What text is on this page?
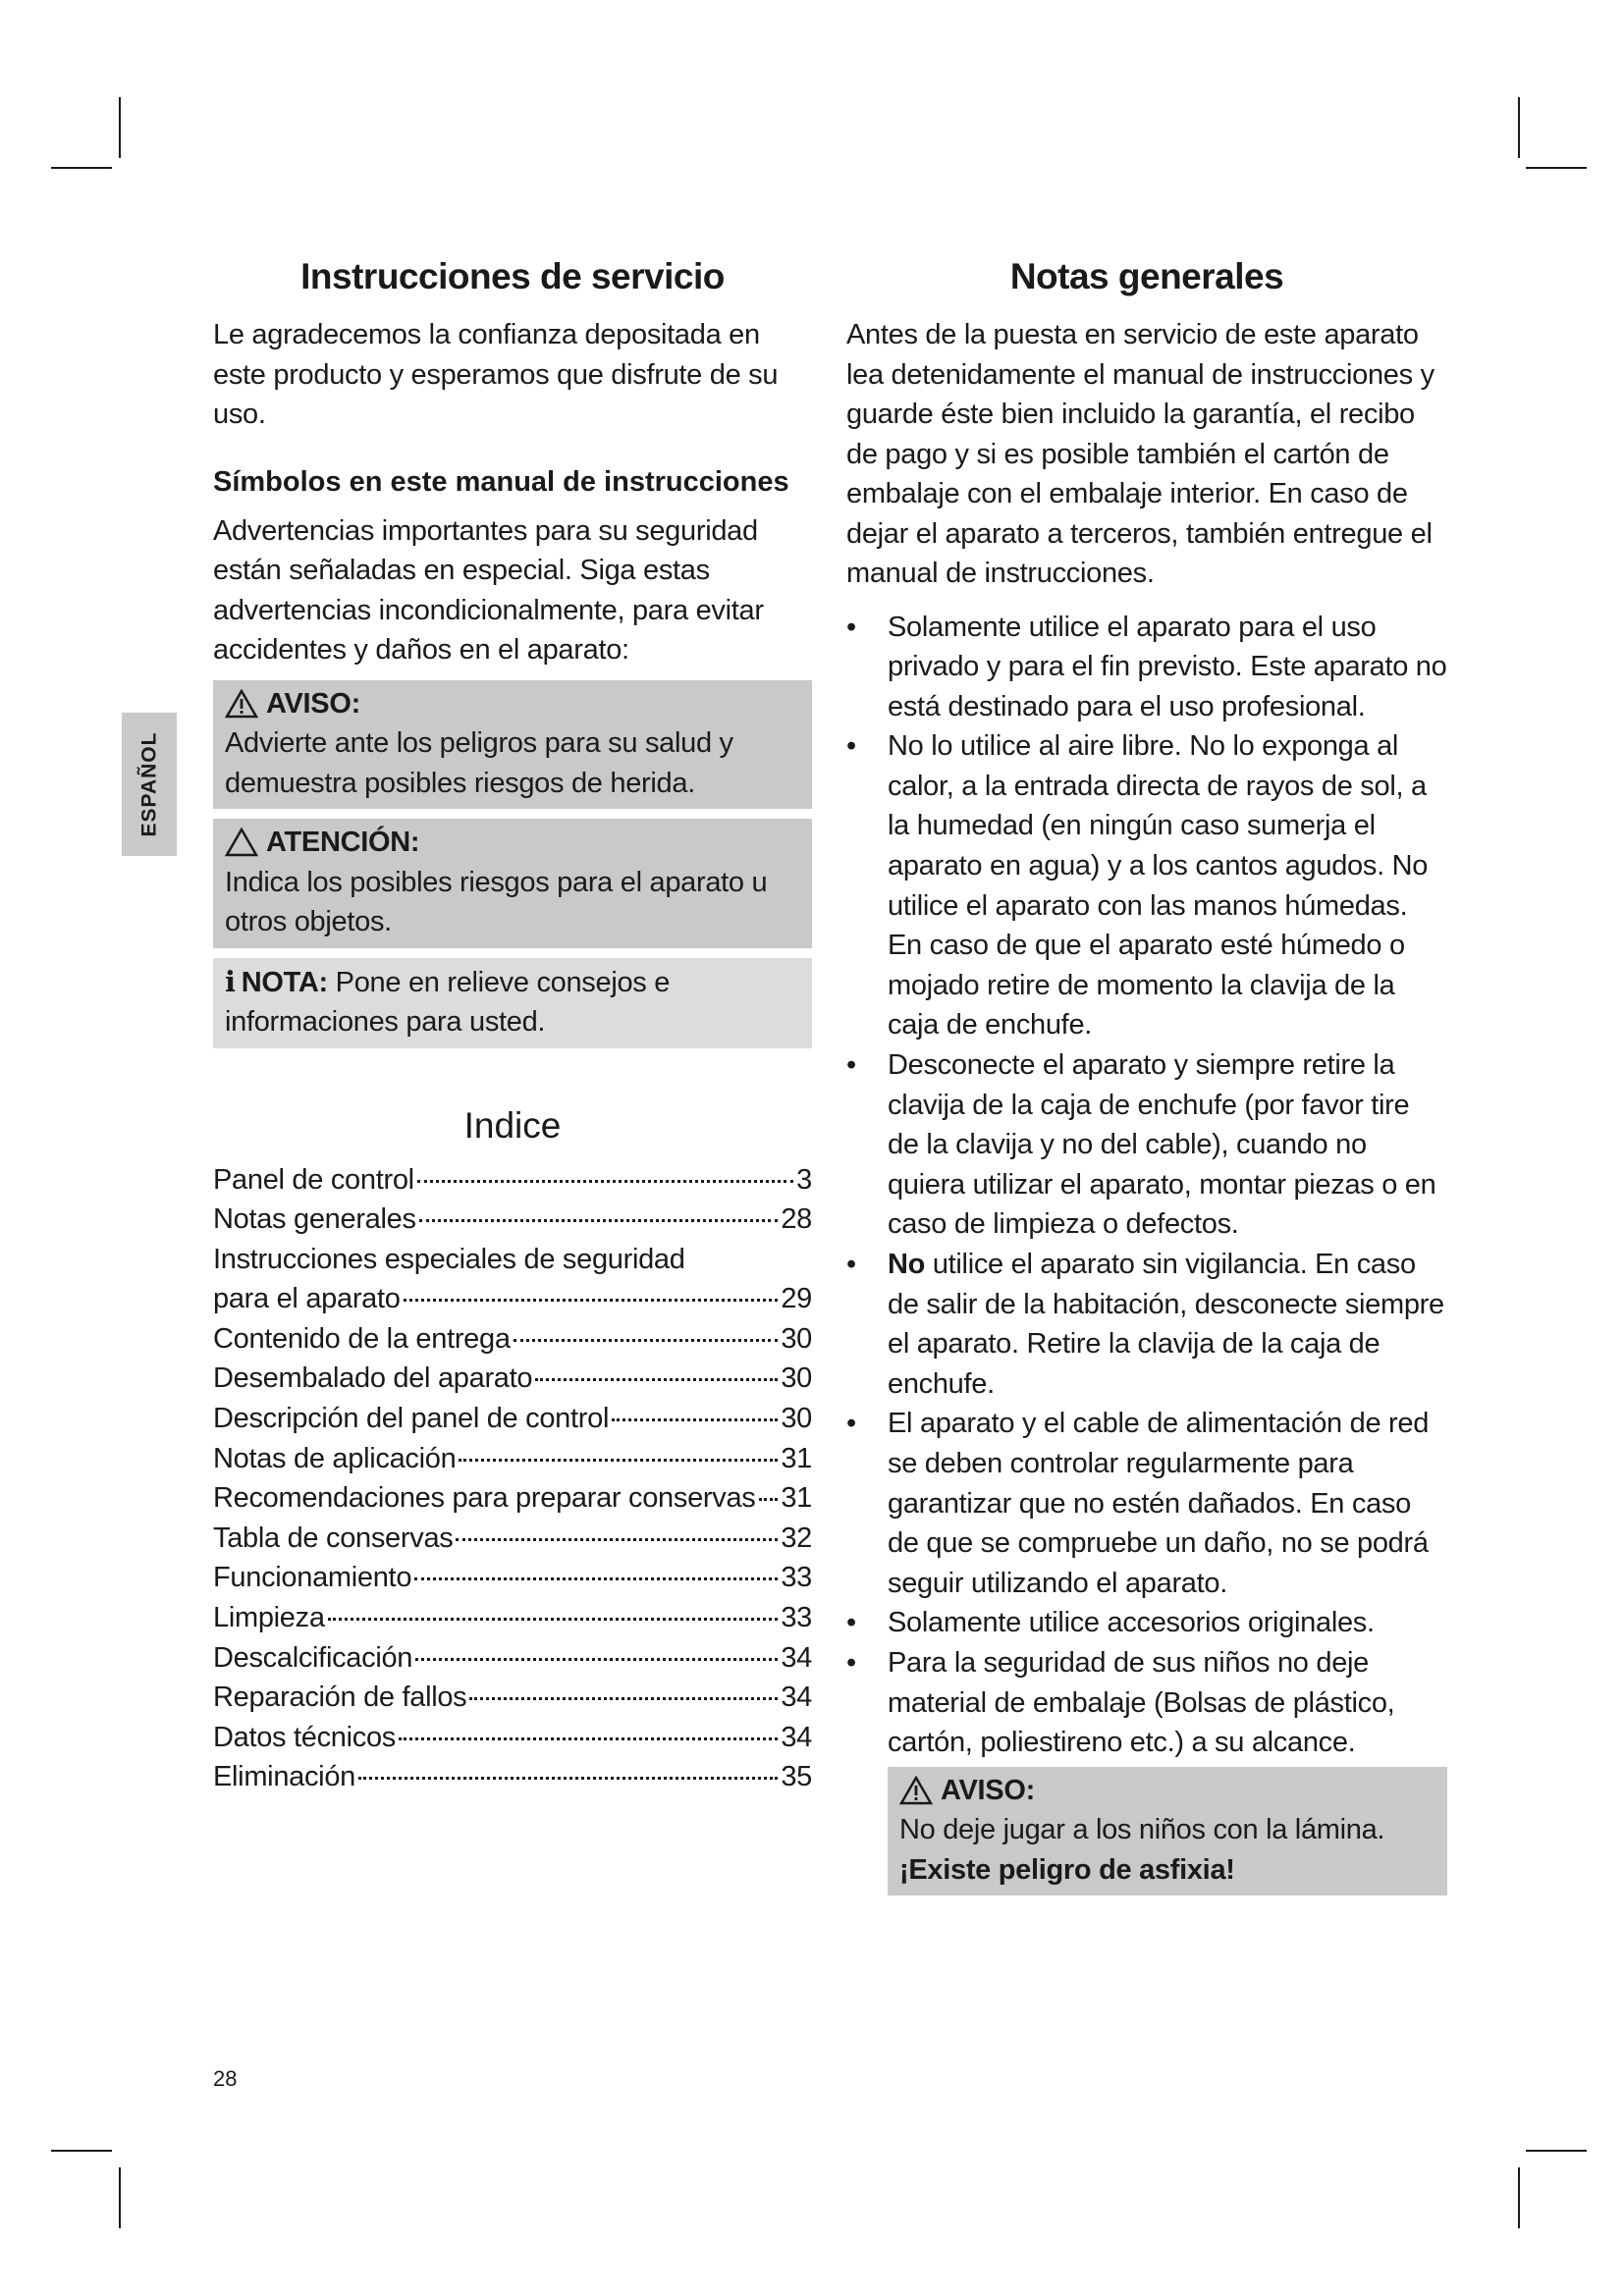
ESPAÑOL
Instrucciones de servicio

Le agradecemos la confianza depositada en este producto y esperamos que disfrute de su uso.

Símbolos en este manual de instrucciones

Advertencias importantes para su seguridad están señaladas en especial. Siga estas advertencias incondicionalmente, para evitar accidentes y daños en el aparato:

AVISO:
Advierte ante los peligros para su salud y demuestra posibles riesgos de herida.
ATENCIÓN:
Indica los posibles riesgos para el aparato u otros objetos.
i NOTA: Pone en relieve consejos e informaciones para usted.
Indice
Panel de control	3
Notas generales	28
Instrucciones especiales de seguridad
para el aparato	29
Contenido de la entrega	30
Desembalado del aparato	30
Descripción del panel de control	30
Notas de aplicación	31
Recomendaciones para preparar conservas 31
Tabla de conservas	32
Funcionamiento	33
Limpieza	33
Descalcificación	34
Reparación de fallos	34
Datos técnicos	34
Eliminación	35
Notas generales

Antes de la puesta en servicio de este aparato lea detenidamente el manual de instrucciones y guarde éste bien incluido la garantía, el recibo de pago y si es posible también el cartón de embalaje con el embalaje interior. En caso de dejar el aparato a terceros, también entregue el manual de instrucciones.

• Solamente utilice el aparato para el uso privado y para el fin previsto. Este aparato no está destinado para el uso profesional.
• No lo utilice al aire libre. No lo exponga al calor, a la entrada directa de rayos de sol, a la humedad (en ningún caso sumerja el aparato en agua) y a los cantos agudos. No utilice el aparato con las manos húmedas. En caso de que el aparato esté húmedo o mojado retire de momento la clavija de la caja de enchufe.
• Desconecte el aparato y siempre retire la clavija de la caja de enchufe (por favor tire de la clavija y no del cable), cuando no quiera utilizar el aparato, montar piezas o en caso de limpieza o defectos.
• No utilice el aparato sin vigilancia. En caso de salir de la habitación, desconecte siempre el aparato. Retire la clavija de la caja de enchufe.
• El aparato y el cable de alimentación de red se deben controlar regularmente para garantizar que no estén dañados. En caso de que se compruebe un daño, no se podrá seguir utilizando el aparato.
• Solamente utilice accesorios originales.
• Para la seguridad de sus niños no deje material de embalaje (Bolsas de plástico, cartón, poliestireno etc.) a su alcance.
AVISO:
No deje jugar a los niños con la lámina. ¡Existe peligro de asfixia!
28
